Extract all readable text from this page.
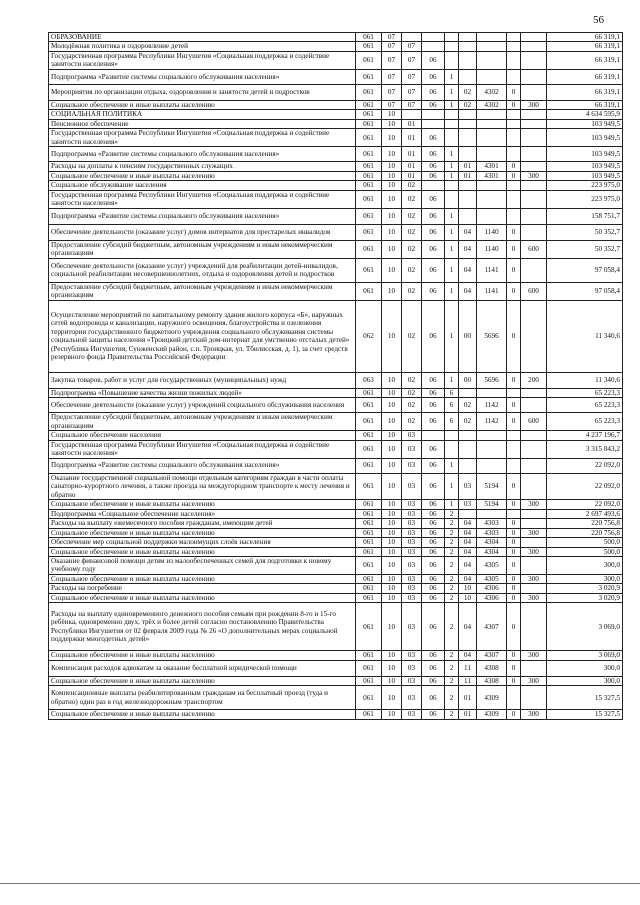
56
ОБРАЗОВАНИЕ	061	07								66 319,1
Молодёжная политика и оздоровление детей	061	07	07							66 319,1
Государственная программа Республики Ингушетия «Социальная поддержка и содействие занятости населения»	061	07	07	06						66 319,1
Подпрограмма «Развитие системы социального обслуживания населения»	061	07	07	06	1					66 319,1
Мероприятия по организации отдыха, оздоровления и занятости детей и подростков	061	07	07	06	1	02	4302	0		66 319,1
Социальное обеспечение и иные выплаты населению	061	07	07	06	1	02	4302	0	300	66 319,1
СОЦИАЛЬНАЯ ПОЛИТИКА	061	10								4 634 595,9
Пенсионное обеспечение	061	10	01							103 949,5
Государственная программа Республики Ингушетия «Социальная поддержка и содействие занятости населения»	061	10	01	06						103 949,5
Подпрограмма «Развитие системы социального обслуживания населения»	061	10	01	06	1					103 949,5
Расходы на доплаты к пенсиям государственных служащих	061	10	01	06	1	01	4301	0		103 949,5
Социальное обеспечение и иные выплаты населению	061	10	01	06	1	01	4301	0	300	103 949,5
Социальное обслуживание населения	061	10	02							223 975,0
Государственная программа Республики Ингушетия «Социальная поддержка и содействие занятости населения»	061	10	02	06						223 975,0
Подпрограмма «Развитие системы социального обслуживания населения»	061	10	02	06	1					158 751,7
Обеспечение деятельности (оказание услуг) домов интернатов для престарелых инвалидов	061	10	02	06	1	04	1140	0		50 352,7
Предоставление субсидий бюджетным, автономным учреждениям и иным некоммерческим организациям	061	10	02	06	1	04	1140	0	600	50 352,7
Обеспечение деятельности (оказание услуг) учреждений для реабилитации детей-инвалидов, социальной реабилитации несовершеннолетних, отдыха и оздоровления детей и подростков	061	10	02	06	1	04	1141	0		97 058,4
Предоставление субсидий бюджетным, автономным учреждениям и иным некоммерческим организациям	061	10	02	06	1	04	1141	0	600	97 058,4
Осуществление мероприятий по капитальному ремонту здания жилого корпуса «Б», наружных сетей водопровода и канализации, наружного освещения, благоустройства и озеленения территории государственного бюджетного учреждения социального обслуживания системы социальной защиты населения «Троицкий детский дом-интернат для умственно отсталых детей» (Республика Ингушетия, Сунженский район, с.п. Троицкая, ул. Тбилисская, д. 1), за счет средств резервного фонда Правительства Российской Федерации	062	10	02	06	1	00	5696	0		11 340,6
Закупка товаров, работ и услуг для государственных (муниципальных) нужд	063	10	02	06	1	00	5696	0	200	11 340,6
Подпрограмма «Повышение качества жизни пожилых людей»	061	10	02	06	6					65 223,3
Обеспечение деятельности (оказание услуг) учреждений социального обслуживания населения	061	10	02	06	6	02	1142	0		65 223,3
Предоставление субсидий бюджетным, автономным учреждениям и иным некоммерческим организациям	061	10	02	06	6	02	1142	0	600	65 223,3
Социальное обеспечение населения	061	10	03							4 237 196,7
Государственная программа Республики Ингушетия «Социальная поддержка и содействие занятости населения»	061	10	03	06						3 315 843,2
Подпрограмма «Развитие системы социального обслуживания населения»	061	10	03	06	1					22 092,0
Оказание государственной социальной помощи отдельным категориям граждан в части оплаты санаторно-курортного лечения, а также проезда на междугородном транспорте к месту лечения и обратно	061	10	03	06	1	03	5194	0		22 092,0
Социальное обеспечение и иные выплаты населению	061	10	03	06	1	03	5194	0	300	22 092,0
Подпрограмма «Социальное обеспечение населения»	061	10	03	06	2					2 697 493,6
Расходы на выплату ежемесячного пособия гражданам, имеющим детей	061	10	03	06	2	04	4303	0		220 756,8
Социальное обеспечение и иные выплаты населению	061	10	03	06	2	04	4303	0	300	220 756,8
Обеспечение мер социальной поддержки малоимущих слоёв населения	061	10	03	06	2	04	4304	0		500,0
Социальное обеспечение и иные выплаты населению	061	10	03	06	2	04	4304	0	300	500,0
Оказание финансовой помощи детям из малообеспеченных семей для подготовки к новому учебному году	061	10	03	06	2	04	4305	0		300,0
Социальное обеспечение и иные выплаты населению	061	10	03	06	2	04	4305	0	300	300,0
Расходы на погребение	061	10	03	06	2	10	4306	0		3 020,9
Социальное обеспечение и иные выплаты населению	061	10	03	06	2	10	4306	0	300	3 020,9
Расходы на выплату единовременного денежного пособия семьям при рождении 8-го и 15-го ребёнка, одновременно двух, трёх и более детей согласно постановлению Правительства Республики Ингушетия от 02 февраля 2009 года № 26 «О дополнительных мерах социальной поддержки многодетных детей»	061	10	03	06	2	04	4307	0		3 069,0
Социальное обеспечение и иные выплаты населению	061	10	03	06	2	04	4307	0	300	3 069,0
Компенсация расходов адвокатам за оказание бесплатной юридической помощи	061	10	03	06	2	11	4308	0		300,0
Социальное обеспечение и иные выплаты населению	061	10	03	06	2	11	4308	0	300	300,0
Компенсационные выплаты реабилитированным гражданам на бесплатный проезд (туда и обратно) один раз в год железнодорожным транспортом	061	10	03	06	2	01	4309			15 327,5
Социальное обеспечение и иные выплаты населению	061	10	03	06	2	01	4309	0	300	15 327,5
